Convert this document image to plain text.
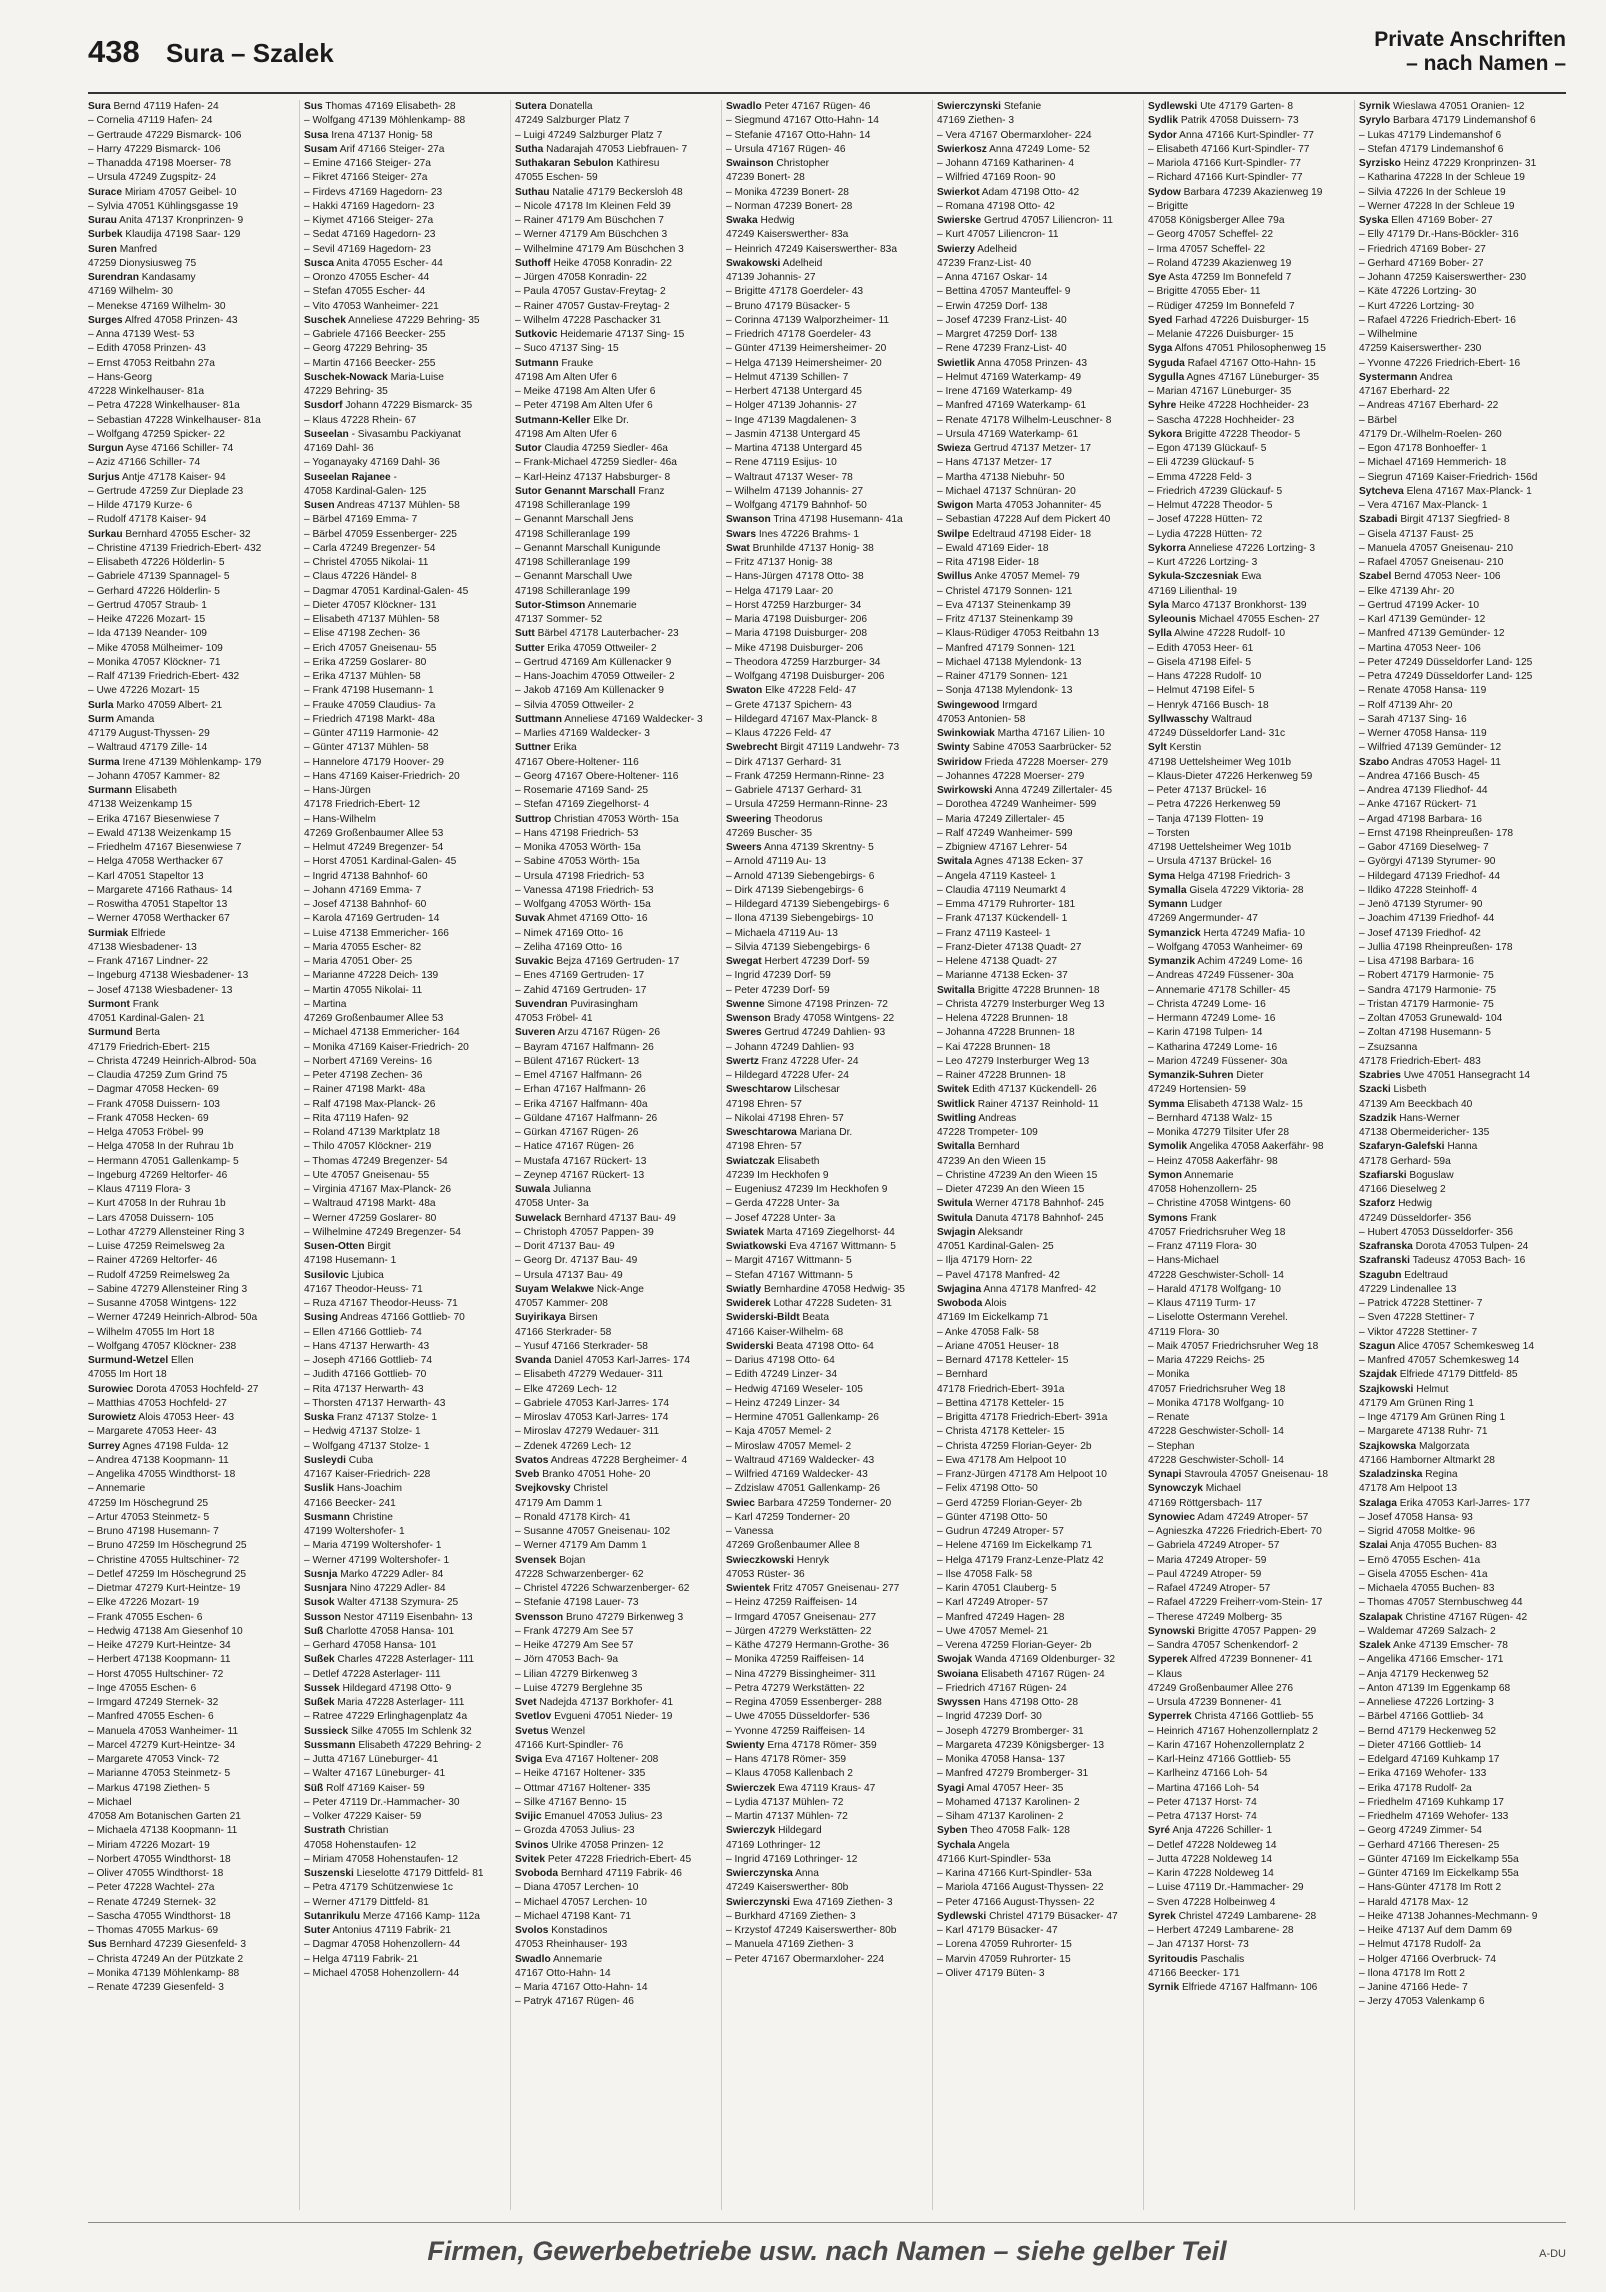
438 Sura – Szalek	Private Anschriften
– nach Namen –
Sura Bernd 47119 Hafen- 24
– Cornelia 47119 Hafen- 24
– Gertraude 47229 Bismarck- 106
– Harry 47229 Bismarck- 106
– Thanadda 47198 Moerser- 78
– Ursula 47249 Zugspitz- 24
Surace Miriam 47057 Geibel- 10
– Sylvia 47051 Kühlingsgasse 19
Surau Anita 47137 Kronprinzen- 9
Surbek Klaudija 47198 Saar- 129
Suren Manfred
47259 Dionysiusweg 75
Surendran Kandasamy
47169 Wilhelm- 30
– Menekse 47169 Wilhelm- 30
Surges Alfred 47058 Prinzen- 43
– Anna 47139 West- 53
– Edith 47058 Prinzen- 43
– Ernst 47053 Reitbahn 27a
– Hans-Georg
47228 Winkelhauser- 81a
– Petra 47228 Winkelhauser- 81a
– Sebastian 47228 Winkelhauser- 81a
– Wolfgang 47259 Spicker- 22
Surgun Ayse 47166 Schiller- 74
– Aziz 47166 Schiller- 74
Surjus Antje 47178 Kaiser- 94
– Gertrude 47259 Zur Dieplade 23
– Hilde 47179 Kurze- 6
– Rudolf 47178 Kaiser- 94
Surkau Bernhard 47055 Escher- 32
– Christine 47139 Friedrich-Ebert- 432
– Elisabeth 47226 Hölderlin- 5
– Gabriele 47139 Spannagel- 5
– Gerhard 47226 Hölderlin- 5
– Gertrud 47057 Straub- 1
– Heike 47226 Mozart- 15
– Ida 47139 Neander- 109
– Mike 47058 Mülheimer- 109
– Monika 47057 Klöckner- 71
– Ralf 47139 Friedrich-Ebert- 432
– Uwe 47226 Mozart- 15
Surla Marko 47059 Albert- 21
Surm Amanda
47179 August-Thyssen- 29
– Waltraud 47179 Zille- 14
Surma Irene 47139 Möhlenkamp- 179
– Johann 47057 Kammer- 82
Surmann Elisabeth
47138 Weizenkamp 15
– Erika 47167 Biesenwiese 7
– Ewald 47138 Weizenkamp 15
– Friedhelm 47167 Biesenwiese 7
– Helga 47058 Werthacker 67
– Karl 47051 Stapeltor 13
– Margarete 47166 Rathaus- 14
– Roswitha 47051 Stapeltor 13
– Werner 47058 Werthacker 67
Surmiak Elfriede
47138 Wiesbadener- 13
– Frank 47167 Lindner- 22
– Ingeburg 47138 Wiesbadener- 13
– Josef 47138 Wiesbadener- 13
Surmont Frank
47051 Kardinal-Galen- 21
Surmund Berta
47179 Friedrich-Ebert- 215
– Christa 47249 Heinrich-Albrod- 50a
– Claudia 47259 Zum Grind 75
– Dagmar 47058 Hecken- 69
– Frank 47058 Duissern- 103
– Frank 47058 Hecken- 69
– Helga 47053 Fröbel- 99
– Helga 47058 In der Ruhrau 1b
– Hermann 47051 Gallenkamp- 5
– Ingeburg 47269 Heltorfer- 46
– Klaus 47119 Flora- 3
– Kurt 47058 In der Ruhrau 1b
– Lars 47058 Duissern- 105
– Lothar 47279 Allensteiner Ring 3
– Luise 47259 Reimelsweg 2a
– Rainer 47269 Heltorfer- 46
– Rudolf 47259 Reimelsweg 2a
– Sabine 47279 Allensteiner Ring 3
– Susanne 47058 Wintgens- 122
– Werner 47249 Heinrich-Albrod- 50a
– Wilhelm 47055 Im Hort 18
– Wolfgang 47057 Klöckner- 238
Surmund-Wetzel Ellen
47055 Im Hort 18
Surowiec Dorota 47053 Hochfeld- 27
– Matthias 47053 Hochfeld- 27
Surowietz Alois 47053 Heer- 43
– Margarete 47053 Heer- 43
Surrey Agnes 47198 Fulda- 12
– Andrea 47138 Koopmann- 11
– Angelika 47055 Windthorst- 18
– Annemarie
47259 Im Höschegrund 25
– Artur 47053 Steinmetz- 5
– Bruno 47198 Husemann- 7
– Bruno 47259 Im Höschegrund 25
– Christine 47055 Hultschiner- 72
– Detlef 47259 Im Höschegrund 25
– Dietmar 47279 Kurt-Heintze- 19
– Elke 47226 Mozart- 19
– Frank 47055 Eschen- 6
– Hedwig 47138 Am Giesenhof 10
– Heike 47279 Kurt-Heintze- 34
– Herbert 47138 Koopmann- 11
– Horst 47055 Hultschiner- 72
– Inge 47055 Eschen- 6
– Irmgard 47249 Sternek- 32
– Manfred 47055 Eschen- 6
– Manuela 47053 Wanheimer- 11
– Marcel 47279 Kurt-Heintze- 34
– Margarete 47053 Vinck- 72
– Marianne 47053 Steinmetz- 5
– Markus 47198 Ziethen- 5
– Michael
47058 Am Botanischen Garten 21
– Michaela 47138 Koopmann- 11
– Miriam 47226 Mozart- 19
– Norbert 47055 Windthorst- 18
– Oliver 47055 Windthorst- 18
– Peter 47228 Wachtel- 27a
– Renate 47249 Sternek- 32
– Sascha 47055 Windthorst- 18
– Thomas 47055 Markus- 69
Sus Bernhard 47239 Giesenfeld- 3
– Christa 47249 An der Pützkate 2
– Monika 47139 Möhlenkamp- 88
– Renate 47239 Giesenfeld- 3
Sus Thomas 47169 Elisabeth- 28
– Wolfgang 47139 Möhlenkamp- 88
Susa Irena 47137 Honig- 58
Susam Arif 47166 Steiger- 27a
– Emine 47166 Steiger- 27a
– Fikret 47166 Steiger- 27a
– Firdevs 47169 Hagedorn- 23
– Hakki 47169 Hagedorn- 23
– Kiymet 47166 Steiger- 27a
– Sedat 47169 Hagedorn- 23
– Sevil 47169 Hagedorn- 23
Susca Anita 47055 Escher- 44
– Oronzo 47055 Escher- 44
– Stefan 47055 Escher- 44
– Vito 47053 Wanheimer- 221
Suschek Anneliese 47229 Behring- 35
– Gabriele 47166 Beecker- 255
– Georg 47229 Behring- 35
– Martin 47166 Beecker- 255
Suschek-Nowack Maria-Luise
47229 Behring- 35
Susdorf Johann 47229 Bismarck- 35
– Klaus 47228 Rhein- 67
Suseelan - Sivasambu Packiyanat
47169 Dahl- 36
– Yoganayaky 47169 Dahl- 36
Suseelan Rajanee -
47058 Kardinal-Galen- 125
Susen Andreas 47137 Mühlen- 58
– Bärbel 47169 Emma- 7
– Bärbel 47059 Essenberger- 225
– Carla 47249 Bregenzer- 54
– Christel 47055 Nikolai- 11
– Claus 47226 Händel- 8
– Dagmar 47051 Kardinal-Galen- 45
– Dieter 47057 Klöckner- 131
– Elisabeth 47137 Mühlen- 58
– Elise 47198 Zechen- 36
– Erich 47057 Gneisenau- 55
– Erika 47259 Goslarer- 80
– Erika 47137 Mühlen- 58
– Frank 47198 Husemann- 1
– Frauke 47059 Claudius- 7a
– Friedrich 47198 Markt- 48a
– Günter 47119 Harmonie- 42
– Günter 47137 Mühlen- 58
– Hannelore 47179 Hoover- 29
– Hans 47169 Kaiser-Friedrich- 20
– Hans-Jürgen
47178 Friedrich-Ebert- 12
– Hans-Wilhelm
47269 Großenbaumer Allee 53
– Helmut 47249 Bregenzer- 54
– Horst 47051 Kardinal-Galen- 45
– Ingrid 47138 Bahnhof- 60
– Johann 47169 Emma- 7
– Josef 47138 Bahnhof- 60
– Karola 47169 Gertruden- 14
– Luise 47138 Emmericher- 166
– Maria 47055 Escher- 82
– Maria 47051 Ober- 25
– Marianne 47228 Deich- 139
– Martin 47055 Nikolai- 11
– Martina
47269 Großenbaumer Allee 53
– Michael 47138 Emmericher- 164
– Monika 47169 Kaiser-Friedrich- 20
– Norbert 47169 Vereins- 16
– Peter 47198 Zechen- 36
– Rainer 47198 Markt- 48a
– Ralf 47198 Max-Planck- 26
– Rita 47119 Hafen- 92
– Roland 47139 Marktplatz 18
– Thilo 47057 Klöckner- 219
– Thomas 47249 Bregenzer- 54
– Ute 47057 Gneisenau- 55
– Virginia 47167 Max-Planck- 26
– Waltraud 47198 Markt- 48a
– Werner 47259 Goslarer- 80
– Wilhelmine 47249 Bregenzer- 54
Susen-Otten Birgit
47198 Husemann- 1
Susilovic Ljubica
47167 Theodor-Heuss- 71
– Ruza 47167 Theodor-Heuss- 71
Susing Andreas 47166 Gottlieb- 70
– Ellen 47166 Gottlieb- 74
– Hans 47137 Herwarth- 43
– Joseph 47166 Gottlieb- 74
– Judith 47166 Gottlieb- 70
– Rita 47137 Herwarth- 43
– Thorsten 47137 Herwarth- 43
Suska Franz 47137 Stolze- 1
– Hedwig 47137 Stolze- 1
– Wolfgang 47137 Stolze- 1
Susleydi Cuba
47167 Kaiser-Friedrich- 228
Suslik Hans-Joachim
47166 Beecker- 241
Susmann Christine
47199 Woltershofer- 1
– Maria 47199 Woltershofer- 1
– Werner 47199 Woltershofer- 1
Susnja Marko 47229 Adler- 84
Susnjara Nino 47229 Adler- 84
Susok Walter 47138 Szymura- 25
Susson Nestor 47119 Eisenbahn- 13
Suß Charlotte 47058 Hansa- 101
– Gerhard 47058 Hansa- 101
Sußek Charles 47228 Asterlager- 111
– Detlef 47228 Asterlager- 111
Sussek Hildegard 47198 Otto- 9
Sußek Maria 47228 Asterlager- 111
– Ratree 47229 Erlinghagenplatz 4a
Sussieck Silke 47055 Im Schlenk 32
Sussmann Elisabeth 47229 Behring- 2
– Jutta 47167 Lüneburger- 41
– Walter 47167 Lüneburger- 41
Süß Rolf 47169 Kaiser- 59
– Peter 47119 Dr.-Hammacher- 30
– Volker 47229 Kaiser- 59
Sustrath Christian
47058 Hohenstaufen- 12
– Miriam 47058 Hohenstaufen- 12
Suszenski Lieselotte 47179 Dittfeld- 81
– Petra 47179 Schützenwiese 1c
– Werner 47179 Dittfeld- 81
Sutanrikulu Merze 47166 Kamp- 112a
Suter Antonius 47119 Fabrik- 21
– Dagmar 47058 Hohenzollern- 44
– Helga 47119 Fabrik- 21
– Michael 47058 Hohenzollern- 44
Sutera Donatella
47249 Salzburger Platz 7
– Luigi 47249 Salzburger Platz 7
Sutha Nadarajah 47053 Liebfrauen- 7
Suthakaran Sebulon Kathiresu
47055 Eschen- 59
Suthau Natalie 47179 Beckersloh 48
– Nicole 47178 Im Kleinen Feld 39
– Rainer 47179 Am Büschchen 7
– Werner 47179 Am Büschchen 3
– Wilhelmine 47179 Am Büschchen 3
Suthoff Heike 47058 Konradin- 22
– Jürgen 47058 Konradin- 22
– Paula 47057 Gustav-Freytag- 2
– Rainer 47057 Gustav-Freytag- 2
– Wilhelm 47228 Paschacker 31
Sutkovic Heidemarie 47137 Sing- 15
– Suco 47137 Sing- 15
Sutmann Frauke
47198 Am Alten Ufer 6
– Meike 47198 Am Alten Ufer 6
– Peter 47198 Am Alten Ufer 6
Sutmann-Keller Elke Dr.
47198 Am Alten Ufer 6
Sutor Claudia 47259 Siedler- 46a
– Frank-Michael 47259 Siedler- 46a
– Karl-Heinz 47137 Habsburger- 8
Sutor Genannt Marschall Franz
47198 Schilleranlage 199
– Genannt Marschall Jens
47198 Schilleranlage 199
– Genannt Marschall Kunigunde
47198 Schilleranlage 199
– Genannt Marschall Uwe
47198 Schilleranlage 199
Sutor-Stimson Annemarie
47137 Sommer- 52
Sutt Bärbel 47178 Lauterbacher- 23
Sutter Erika 47059 Ottweiler- 2
– Gertrud 47169 Am Küllenacker 9
– Hans-Joachim 47059 Ottweiler- 2
– Jakob 47169 Am Küllenacker 9
– Silvia 47059 Ottweiler- 2
Suttmann Anneliese 47169 Waldecker- 3
– Marlies 47169 Waldecker- 3
Suttner Erika
47167 Obere-Holtener- 116
– Georg 47167 Obere-Holtener- 116
– Rosemarie 47169 Sand- 25
– Stefan 47169 Ziegelhorst- 4
Suttrop Christian 47053 Wörth- 15a
– Hans 47198 Friedrich- 53
– Monika 47053 Wörth- 15a
– Sabine 47053 Wörth- 15a
– Ursula 47198 Friedrich- 53
– Vanessa 47198 Friedrich- 53
– Wolfgang 47053 Wörth- 15a
Suvak Ahmet 47169 Otto- 16
– Nimek 47169 Otto- 16
– Zeliha 47169 Otto- 16
Suvakic Bejza 47169 Gertruden- 17
– Enes 47169 Gertruden- 17
– Zahid 47169 Gertruden- 17
Suvendran Puvirasingham
47053 Fröbel- 41
Suveren Arzu 47167 Rügen- 26
– Bayram 47167 Halfmann- 26
– Bülent 47167 Rückert- 13
– Emel 47167 Halfmann- 26
– Erhan 47167 Halfmann- 26
– Erika 47167 Halfmann- 40a
– Güldane 47167 Halfmann- 26
– Gürkan 47167 Rügen- 26
– Hatice 47167 Rügen- 26
– Mustafa 47167 Rückert- 13
– Zeynep 47167 Rückert- 13
Suwala Julianna
47058 Unter- 3a
Suwelack Bernhard 47137 Bau- 49
– Christoph 47057 Pappen- 39
– Dorit 47137 Bau- 49
– Georg Dr. 47137 Bau- 49
– Ursula 47137 Bau- 49
Suyam Welakwe Nick-Ange
47057 Kammer- 208
Suyirikaya Birsen
47166 Sterkrader- 58
– Yusuf 47166 Sterkrader- 58
Svanda Daniel 47053 Karl-Jarres- 174
– Elisabeth 47279 Wedauer- 311
– Elke 47269 Lech- 12
– Gabriele 47053 Karl-Jarres- 174
– Miroslav 47053 Karl-Jarres- 174
– Miroslav 47279 Wedauer- 311
– Zdenek 47269 Lech- 12
Svatos Andreas 47228 Bergheimer- 4
Sveb Branko 47051 Hohe- 20
Svejkovsky Christel
47179 Am Damm 1
– Ronald 47178 Kirch- 41
– Susanne 47057 Gneisenau- 102
– Werner 47179 Am Damm 1
Svensek Bojan
47228 Schwarzenberger- 62
– Christel 47226 Schwarzenberger- 62
– Stefanie 47198 Lauer- 73
Svensson Bruno 47279 Birkenweg 3
– Frank 47279 Am See 57
– Heike 47279 Am See 57
– Jörn 47053 Bach- 9a
– Lilian 47279 Birkenweg 3
– Luise 47279 Berglehne 35
Svet Nadejda 47137 Borkhofer- 41
Svetlov Evgueni 47051 Nieder- 19
Svetus Wenzel
47166 Kurt-Spindler- 76
Sviga Eva 47167 Holtener- 208
– Heike 47167 Holtener- 335
– Ottmar 47167 Holtener- 335
– Silke 47167 Benno- 15
Svijic Emanuel 47053 Julius- 23
– Grozda 47053 Julius- 23
Svinos Ulrike 47058 Prinzen- 12
Svitek Peter 47228 Friedrich-Ebert- 45
Svoboda Bernhard 47119 Fabrik- 46
– Diana 47057 Lerchen- 10
– Michael 47057 Lerchen- 10
– Michael 47198 Kant- 71
Svolos Konstadinos
47053 Rheinhauser- 193
Swadlo Annemarie
47167 Otto-Hahn- 14
– Maria 47167 Otto-Hahn- 14
– Patryk 47167 Rügen- 46
Swadlo Peter 47167 Rügen- 46
– Siegmund 47167 Otto-Hahn- 14
– Stefanie 47167 Otto-Hahn- 14
– Ursula 47167 Rügen- 46
Swainson Christopher
47239 Bonert- 28
– Monika 47239 Bonert- 28
– Norman 47239 Bonert- 28
Swaka Hedwig
47249 Kaiserswerther- 83a
– Heinrich 47249 Kaiserswerther- 83a
Swakowski Adelheid
47139 Johannis- 27
– Brigitte 47178 Goerdeler- 43
– Bruno 47179 Büsacker- 5
– Corinna 47139 Walporzheimer- 11
– Friedrich 47178 Goerdeler- 43
– Günter 47139 Heimersheimer- 20
– Helga 47139 Heimersheimer- 20
– Helmut 47139 Schillen- 7
– Herbert 47138 Untergard 45
– Holger 47139 Johannis- 27
– Inge 47139 Magdalenen- 3
– Jasmin 47138 Untergard 45
– Martina 47138 Untergard 45
– Rene 47119 Esijus- 10
– Waltraut 47137 Weser- 78
– Wilhelm 47139 Johannis- 27
– Wolfgang 47179 Bahnhof- 50
Swanson Trina 47198 Husemann- 41a
Swars Ines 47226 Brahms- 1
Swat Brunhilde 47137 Honig- 38
– Fritz 47137 Honig- 38
– Hans-Jürgen 47178 Otto- 38
– Helga 47179 Laar- 20
– Horst 47259 Harzburger- 34
– Maria 47198 Duisburger- 206
– Maria 47198 Duisburger- 208
– Mike 47198 Duisburger- 206
– Theodora 47259 Harzburger- 34
– Wolfgang 47198 Duisburger- 206
Swaton Elke 47228 Feld- 47
– Grete 47137 Spichern- 43
– Hildegard 47167 Max-Planck- 8
– Klaus 47226 Feld- 47
Swebrecht Birgit 47119 Landwehr- 73
– Dirk 47137 Gerhard- 31
– Frank 47259 Hermann-Rinne- 23
– Gabriele 47137 Gerhard- 31
– Ursula 47259 Hermann-Rinne- 23
Sweering Theodorus
47269 Buscher- 35
Sweers Anna 47139 Skrentny- 5
– Arnold 47119 Au- 13
– Arnold 47139 Siebengebirgs- 6
– Dirk 47139 Siebengebirgs- 6
– Hildegard 47139 Siebengebirgs- 6
– Ilona 47139 Siebengebirgs- 10
– Michaela 47119 Au- 13
– Silvia 47139 Siebengebirgs- 6
Swegat Herbert 47239 Dorf- 59
– Ingrid 47239 Dorf- 59
– Peter 47239 Dorf- 59
Swenne Simone 47198 Prinzen- 72
Swenson Brady 47058 Wintgens- 22
Sweres Gertrud 47249 Dahlien- 93
– Johann 47249 Dahlien- 93
Swertz Franz 47228 Ufer- 24
– Hildegard 47228 Ufer- 24
Sweschtarow Lilschesar
47198 Ehren- 57
– Nikolai 47198 Ehren- 57
Sweschtarowa Mariana Dr.
47198 Ehren- 57
Swiatczak Elisabeth
47239 Im Heckhofen 9
– Eugeniusz 47239 Im Heckhofen 9
– Gerda 47228 Unter- 3a
– Josef 47228 Unter- 3a
Swiatek Marta 47169 Ziegelhorst- 44
Swiatkowski Eva 47167 Wittmann- 5
– Margit 47167 Wittmann- 5
– Stefan 47167 Wittmann- 5
Swiatly Bernhardine 47058 Hedwig- 35
Swiderek Lothar 47228 Sudeten- 31
Swiderski-Bildt Beata
47166 Kaiser-Wilhelm- 68
Swiderski Beata 47198 Otto- 64
– Darius 47198 Otto- 64
– Edith 47249 Linzer- 34
– Hedwig 47169 Weseler- 105
– Heinz 47249 Linzer- 34
– Hermine 47051 Gallenkamp- 26
– Kaja 47057 Memel- 2
– Miroslaw 47057 Memel- 2
– Waltraud 47169 Waldecker- 43
– Wilfried 47169 Waldecker- 43
– Zdzislaw 47051 Gallenkamp- 26
Swiec Barbara 47259 Tonderner- 20
– Karl 47259 Tonderner- 20
– Vanessa
47269 Großenbaumer Allee 8
Swieczkowski Henryk
47053 Rüster- 36
Swientek Fritz 47057 Gneisenau- 277
– Heinz 47259 Raiffeisen- 14
– Irmgard 47057 Gneisenau- 277
– Jürgen 47279 Werkstätten- 22
– Käthe 47279 Hermann-Grothe- 36
– Monika 47259 Raiffeisen- 14
– Nina 47279 Bissingheimer- 311
– Petra 47279 Werkstätten- 22
– Regina 47059 Essenberger- 288
– Uwe 47055 Düsseldorfer- 536
– Yvonne 47259 Raiffeisen- 14
Swienty Erna 47178 Römer- 359
– Hans 47178 Römer- 359
– Klaus 47058 Kallenbach 2
Swierczek Ewa 47119 Kraus- 47
– Lydia 47137 Mühlen- 72
– Martin 47137 Mühlen- 72
Swierczyk Hildegard
47169 Lothringer- 12
– Ingrid 47169 Lothringer- 12
Swierczynska Anna
47249 Kaiserswerther- 80b
Swierczynski Ewa 47169 Ziethen- 3
– Burkhard 47169 Ziethen- 3
– Krzystof 47249 Kaiserswerther- 80b
– Manuela 47169 Ziethen- 3
– Peter 47167 Obermarxloher- 224
Swierczynski Stefanie
47169 Ziethen- 3
– Vera 47167 Obermarxloher- 224
Swierkosz Anna 47249 Lome- 52
– Johann 47169 Katharinen- 4
– Wilfried 47169 Roon- 90
Swierkot Adam 47198 Otto- 42
– Romana 47198 Otto- 42
Swierske Gertrud 47057 Liliencron- 11
– Kurt 47057 Liliencron- 11
Swierzy Adelheid
47239 Franz-List- 40
– Anna 47167 Oskar- 14
– Bettina 47057 Manteuffel- 9
– Erwin 47259 Dorf- 138
– Josef 47239 Franz-List- 40
– Margret 47259 Dorf- 138
– Rene 47239 Franz-List- 40
Swietlik Anna 47058 Prinzen- 43
– Helmut 47169 Waterkamp- 49
– Irene 47169 Waterkamp- 49
– Manfred 47169 Waterkamp- 61
– Renate 47178 Wilhelm-Leuschner- 8
– Ursula 47169 Waterkamp- 61
Swieza Gertrud 47137 Metzer- 17
– Hans 47137 Metzer- 17
– Martha 47138 Niebuhr- 50
– Michael 47137 Schnüran- 20
Swigon Marta 47053 Johanniter- 45
– Sebastian 47228 Auf dem Pickert 40
Swilpe Edeltraud 47198 Eider- 18
– Ewald 47169 Eider- 18
– Rita 47198 Eider- 18
Swillus Anke 47057 Memel- 79
– Christel 47179 Sonnen- 121
– Eva 47137 Steinenkamp 39
– Fritz 47137 Steinenkamp 39
– Klaus-Rüdiger 47053 Reitbahn 13
– Manfred 47179 Sonnen- 121
– Michael 47138 Mylendonk- 13
– Rainer 47179 Sonnen- 121
– Sonja 47138 Mylendonk- 13
Swingewood Irmgard
47053 Antonien- 58
Swinkowiak Martha 47167 Lilien- 10
Swinty Sabine 47053 Saarbrücker- 52
Swiridow Frieda 47228 Moerser- 279
– Johannes 47228 Moerser- 279
Swirkowski Anna 47249 Zillertaler- 45
– Dorothea 47249 Wanheimer- 599
– Maria 47249 Zillertaler- 45
– Ralf 47249 Wanheimer- 599
– Zbigniew 47167 Lehrer- 54
Switala Agnes 47138 Ecken- 37
– Angela 47119 Kasteel- 1
– Claudia 47119 Neumarkt 4
– Emma 47179 Ruhrorter- 181
– Frank 47137 Kückendell- 1
– Franz 47119 Kasteel- 1
– Franz-Dieter 47138 Quadt- 27
– Helene 47138 Quadt- 27
– Marianne 47138 Ecken- 37
Switalla Brigitte 47228 Brunnen- 18
– Christa 47279 Insterburger Weg 13
– Helena 47228 Brunnen- 18
– Johanna 47228 Brunnen- 18
– Kai 47228 Brunnen- 18
– Leo 47279 Insterburger Weg 13
– Rainer 47228 Brunnen- 18
Switek Edith 47137 Kückendell- 26
Switlick Rainer 47137 Reinhold- 11
Switling Andreas
47228 Trompeter- 109
Switalla Bernhard
47239 An den Wieen 15
– Christine 47239 An den Wieen 15
– Dieter 47239 An den Wieen 15
Switula Werner 47178 Bahnhof- 245
Switula Danuta 47178 Bahnhof- 245
Swjagin Aleksandr
47051 Kardinal-Galen- 25
– Ilja 47179 Horn- 22
– Pavel 47178 Manfred- 42
Swjagina Anna 47178 Manfred- 42
Swoboda Alois
47169 Im Eickelkamp 71
– Anke 47058 Falk- 58
– Ariane 47051 Heuser- 18
– Bernard 47178 Ketteler- 15
– Bernhard
47178 Friedrich-Ebert- 391a
– Bettina 47178 Ketteler- 15
– Brigitta 47178 Friedrich-Ebert- 391a
– Christa 47178 Ketteler- 15
– Christa 47259 Florian-Geyer- 2b
– Ewa 47178 Am Helpoot 10
– Franz-Jürgen 47178 Am Helpoot 10
– Felix 47198 Otto- 50
– Gerd 47259 Florian-Geyer- 2b
– Günter 47198 Otto- 50
– Gudrun 47249 Atroper- 57
– Helene 47169 Im Eickelkamp 71
– Helga 47179 Franz-Lenze-Platz 42
– Ilse 47058 Falk- 58
– Karin 47051 Clauberg- 5
– Karl 47249 Atroper- 57
– Manfred 47249 Hagen- 28
– Uwe 47057 Memel- 21
– Verena 47259 Florian-Geyer- 2b
Swojak Wanda 47169 Oldenburger- 32
Swoiana Elisabeth 47167 Rügen- 24
– Friedrich 47167 Rügen- 24
Swyssen Hans 47198 Otto- 28
– Ingrid 47239 Dorf- 30
– Joseph 47279 Bromberger- 31
– Margareta 47239 Königsberger- 13
– Monika 47058 Hansa- 137
– Manfred 47279 Bromberger- 31
Syagi Amal 47057 Heer- 35
– Mohamed 47137 Karolinen- 2
– Siham 47137 Karolinen- 2
Syben Theo 47058 Falk- 128
Sychala Angela
47166 Kurt-Spindler- 53a
– Karina 47166 Kurt-Spindler- 53a
– Mariola 47166 August-Thyssen- 22
– Peter 47166 August-Thyssen- 22
Sydlewski Christel 47179 Büsacker- 47
– Karl 47179 Büsacker- 47
– Lorena 47059 Ruhrorter- 15
– Marvin 47059 Ruhrorter- 15
– Oliver 47179 Büten- 3
Sydlewski Ute 47179 Garten- 8
Sydlik Patrik 47058 Duissern- 73
Sydor Anna 47166 Kurt-Spindler- 77
– Elisabeth 47166 Kurt-Spindler- 77
– Mariola 47166 Kurt-Spindler- 77
– Richard 47166 Kurt-Spindler- 77
Sydow Barbara 47239 Akazienweg 19
– Brigitte
47058 Königsberger Allee 79a
– Georg 47057 Scheffel- 22
– Irma 47057 Scheffel- 22
– Roland 47239 Akazienweg 19
Sye Asta 47259 Im Bonnefeld 7
– Brigitte 47055 Eber- 11
– Rüdiger 47259 Im Bonnefeld 7
Syed Farhad 47226 Duisburger- 15
– Melanie 47226 Duisburger- 15
Syga Alfons 47051 Philosophenweg 15
Syguda Rafael 47167 Otto-Hahn- 15
Sygulla Agnes 47167 Lüneburger- 35
– Marian 47167 Lüneburger- 35
Syhre Heike 47228 Hochheider- 23
– Sascha 47228 Hochheider- 23
Sykora Brigitte 47228 Theodor- 5
– Egon 47139 Glückauf- 5
– Eli 47239 Glückauf- 5
– Emma 47228 Feld- 3
– Friedrich 47239 Glückauf- 5
– Helmut 47228 Theodor- 5
– Josef 47228 Hütten- 72
– Lydia 47228 Hütten- 72
Sykorra Anneliese 47226 Lortzing- 3
– Kurt 47226 Lortzing- 3
Sykula-Szczesniak Ewa
47169 Lilienthal- 19
Syla Marco 47137 Bronkhorst- 139
Syleounis Michael 47055 Eschen- 27
Sylla Alwine 47228 Rudolf- 10
– Edith 47053 Heer- 61
– Gisela 47198 Eifel- 5
– Hans 47228 Rudolf- 10
– Helmut 47198 Eifel- 5
– Henryk 47166 Busch- 18
Syllwasschy Waltraud
47249 Düsseldorfer Land- 31c
Sylt Kerstin
47198 Uettelsheimer Weg 101b
– Klaus-Dieter 47226 Herkenweg 59
– Peter 47137 Brückel- 16
– Petra 47226 Herkenweg 59
– Tanja 47139 Flotten- 19
– Torsten
47198 Uettelsheimer Weg 101b
– Ursula 47137 Brückel- 16
Syma Helga 47198 Friedrich- 3
Symalla Gisela 47229 Viktoria- 28
Symann Ludger
47269 Angermunder- 47
Symanzick Herta 47249 Mafia- 10
– Wolfgang 47053 Wanheimer- 69
Symanzik Achim 47249 Lome- 16
– Andreas 47249 Füssener- 30a
– Annemarie 47178 Schiller- 45
– Christa 47249 Lome- 16
– Hermann 47249 Lome- 16
– Karin 47198 Tulpen- 14
– Katharina 47249 Lome- 16
– Marion 47249 Füssener- 30a
Symanzik-Suhren Dieter
47249 Hortensien- 59
Symma Elisabeth 47138 Walz- 15
– Bernhard 47138 Walz- 15
– Monika 47279 Tilsiter Ufer 28
Symolik Angelika 47058 Aakerfähr- 98
– Heinz 47058 Aakerfähr- 98
Symon Annemarie
47058 Hohenzollern- 25
– Christine 47058 Wintgens- 60
Symons Frank
47057 Friedrichsruher Weg 18
– Franz 47119 Flora- 30
– Hans-Michael
47228 Geschwister-Scholl- 14
– Harald 47178 Wolfgang- 10
– Klaus 47119 Turm- 17
– Liselotte Ostermann Verehel.
47119 Flora- 30
– Maik 47057 Friedrichsruher Weg 18
– Maria 47229 Reichs- 25
– Monika
47057 Friedrichsruher Weg 18
– Monika 47178 Wolfgang- 10
– Renate
47228 Geschwister-Scholl- 14
– Stephan
47228 Geschwister-Scholl- 14
Synapi Stavroula 47057 Gneisenau- 18
Synowczyk Michael
47169 Röttgersbach- 117
Synowiec Adam 47249 Atroper- 57
– Agnieszka 47226 Friedrich-Ebert- 70
– Gabriela 47249 Atroper- 57
– Maria 47249 Atroper- 59
– Paul 47249 Atroper- 59
– Rafael 47249 Atroper- 57
– Rafael 47229 Freiherr-vom-Stein- 17
– Therese 47249 Molberg- 35
Synowski Brigitte 47057 Pappen- 29
– Sandra 47057 Schenkendorf- 2
Syperek Alfred 47239 Bonnener- 41
– Klaus
47249 Großenbaumer Allee 276
– Ursula 47239 Bonnener- 41
Syperrek Christa 47166 Gottlieb- 55
– Heinrich 47167 Hohenzollernplatz 2
– Karin 47167 Hohenzollernplatz 2
– Karl-Heinz 47166 Gottlieb- 55
– Karlheinz 47166 Loh- 54
– Martina 47166 Loh- 54
– Peter 47137 Horst- 74
– Petra 47137 Horst- 74
Syré Anja 47226 Schiller- 1
– Detlef 47228 Noldeweg 14
– Jutta 47228 Noldeweg 14
– Karin 47228 Noldeweg 14
– Luise 47119 Dr.-Hammacher- 29
– Sven 47228 Holbeinweg 4
Syrek Christel 47249 Lambarene- 28
– Herbert 47249 Lambarene- 28
– Jan 47137 Horst- 73
Syritoudis Paschalis
47166 Beecker- 171
Syrnik Elfriede 47167 Halfmann- 106
Syrnik Wieslawa 47051 Oranien- 12
Syrylo Barbara 47179 Lindemanshof 6
– Lukas 47179 Lindemanshof 6
– Stefan 47179 Lindemanshof 6
Syrzisko Heinz 47229 Kronprinzen- 31
– Katharina 47228 In der Schleue 19
– Silvia 47226 In der Schleue 19
– Werner 47228 In der Schleue 19
Syska Ellen 47169 Bober- 27
– Elly 47179 Dr.-Hans-Böckler- 316
– Friedrich 47169 Bober- 27
– Gerhard 47169 Bober- 27
– Johann 47259 Kaiserswerther- 230
– Käte 47226 Lortzing- 30
– Kurt 47226 Lortzing- 30
– Rafael 47226 Friedrich-Ebert- 16
– Wilhelmine
47259 Kaiserswerther- 230
– Yvonne 47226 Friedrich-Ebert- 16
Systermann Andrea
47167 Eberhard- 22
– Andreas 47167 Eberhard- 22
– Bärbel
47179 Dr.-Wilhelm-Roelen- 260
– Egon 47178 Bonhoeffer- 1
– Michael 47169 Hemmerich- 18
– Siegrun 47169 Kaiser-Friedrich- 156d
Sytcheva Elena 47167 Max-Planck- 1
– Vera 47167 Max-Planck- 1
Szabadi Birgit 47137 Siegfried- 8
– Gisela 47137 Faust- 25
– Manuela 47057 Gneisenau- 210
– Rafael 47057 Gneisenau- 210
Szabel Bernd 47053 Neer- 106
– Elke 47139 Ahr- 20
– Gertrud 47199 Acker- 10
– Karl 47139 Gemünder- 12
– Manfred 47139 Gemünder- 12
– Martina 47053 Neer- 106
– Peter 47249 Düsseldorfer Land- 125
– Petra 47249 Düsseldorfer Land- 125
– Renate 47058 Hansa- 119
– Rolf 47139 Ahr- 20
– Sarah 47137 Sing- 16
– Werner 47058 Hansa- 119
– Wilfried 47139 Gemünder- 12
Szabo Andras 47053 Hagel- 11
– Andrea 47166 Busch- 45
– Andrea 47139 Fliedhof- 44
– Anke 47167 Rückert- 71
– Argad 47198 Barbara- 16
– Ernst 47198 Rheinpreußen- 178
– Gabor 47169 Dieselweg- 7
– Györgyi 47139 Styrumer- 90
– Hildegard 47139 Friedhof- 44
– Ildiko 47228 Steinhoff- 4
– Jenö 47139 Styrumer- 90
– Joachim 47139 Friedhof- 44
– Josef 47139 Friedhof- 42
– Jullia 47198 Rheinpreußen- 178
– Lisa 47198 Barbara- 16
– Robert 47179 Harmonie- 75
– Sandra 47179 Harmonie- 75
– Tristan 47179 Harmonie- 75
– Zoltan 47053 Grunewald- 104
– Zoltan 47198 Husemann- 5
– Zsuzsanna
47178 Friedrich-Ebert- 483
Szabries Uwe 47051 Hansegracht 14
Szacki Lisbeth
47139 Am Beeckbach 40
Szadzik Hans-Werner
47138 Obermeidericher- 135
Szafaryn-Galefski Hanna
47178 Gerhard- 59a
Szafiarski Boguslaw
47166 Dieselweg 2
Szaforz Hedwig
47249 Düsseldorfer- 356
– Hubert 47053 Düsseldorfer- 356
Szafranska Dorota 47053 Tulpen- 24
Szafranski Tadeusz 47053 Bach- 16
Szagubn Edeltraud
47229 Lindenallee 13
– Patrick 47228 Stettiner- 7
– Sven 47228 Stettiner- 7
– Viktor 47228 Stettiner- 7
Szagun Alice 47057 Schemkesweg 14
– Manfred 47057 Schemkesweg 14
Szajdak Elfriede 47179 Dittfeld- 85
Szajkowski Helmut
47179 Am Grünen Ring 1
– Inge 47179 Am Grünen Ring 1
– Margarete 47138 Ruhr- 71
Szajkowska Malgorzata
47166 Hamborner Altmarkt 28
Szaladzinska Regina
47178 Am Helpoot 13
Szalaga Erika 47053 Karl-Jarres- 177
– Josef 47058 Hansa- 93
– Sigrid 47058 Moltke- 96
Szalai Anja 47055 Buchen- 83
– Ernö 47055 Eschen- 41a
– Gisela 47055 Eschen- 41a
– Michaela 47055 Buchen- 83
– Thomas 47057 Sternbuschweg 44
Szalapak Christine 47167 Rügen- 42
– Waldemar 47269 Salzach- 2
Szalek Anke 47139 Emscher- 78
– Angelika 47166 Emscher- 171
– Anja 47179 Heckenweg 52
– Anton 47139 Im Eggenkamp 68
– Anneliese 47226 Lortzing- 3
– Bärbel 47166 Gottlieb- 34
– Bernd 47179 Heckenweg 52
– Dieter 47166 Gottlieb- 14
– Edelgard 47169 Kuhkamp 17
– Erika 47169 Wehofer- 133
– Erika 47178 Rudolf- 2a
– Friedhelm 47169 Kuhkamp 17
– Friedhelm 47169 Wehofer- 133
– Georg 47249 Zimmer- 54
– Gerhard 47166 Theresen- 25
– Günter 47169 Im Eickelkamp 55a
– Günter 47169 Im Eickelkamp 55a
– Hans-Günter 47178 Im Rott 2
– Harald 47178 Max- 12
– Heike 47138 Johannes-Mechmann- 9
– Heike 47137 Auf dem Damm 69
– Helmut 47178 Rudolf- 2a
– Holger 47166 Overbruck- 74
– Ilona 47178 Im Rott 2
– Janine 47166 Hede- 7
– Jerzy 47053 Valenkamp 6
Firmen, Gewerbebetriebe usw. nach Namen – siehe gelber Teil	A-DU
